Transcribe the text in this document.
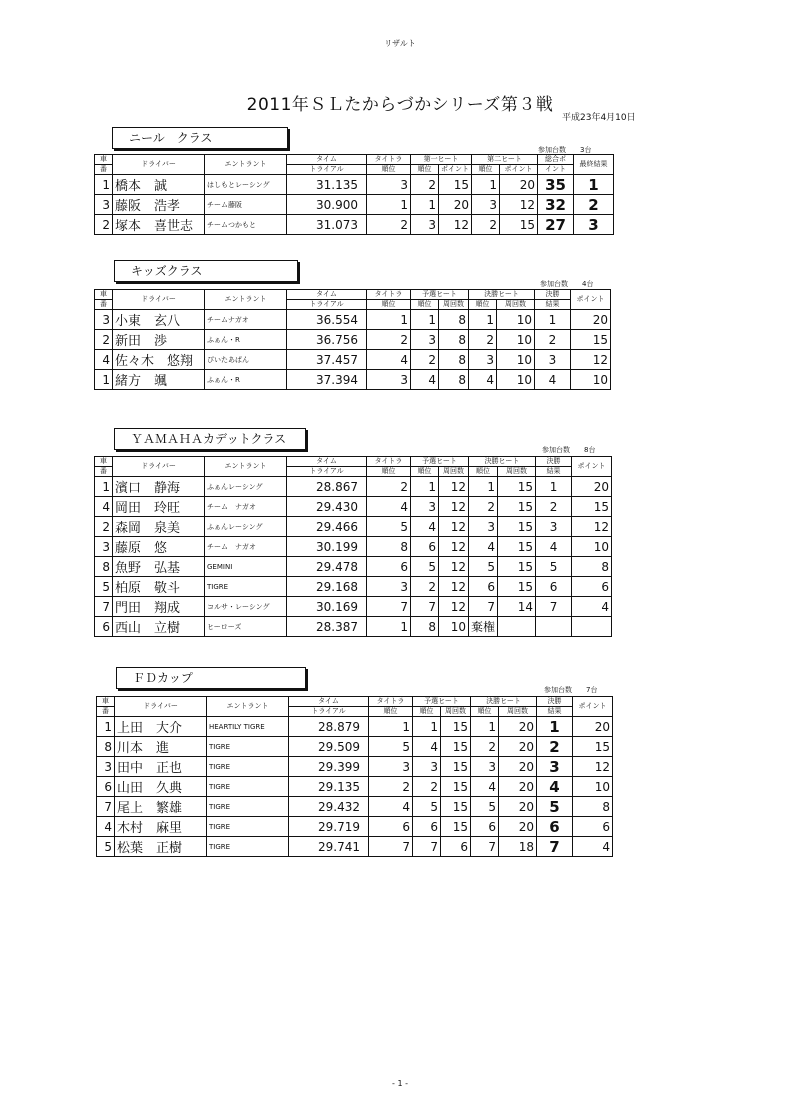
リザルト
2011年ＳＬたからづかシリーズ第３戦
平成23年4月10日
ニール　クラス
参加台数　　3台
車	ドライバー	エントラント	タイム	タイトラ	第一ヒート		第二ヒート		総合ポ	最終結果
番			トライアル	順位	順位	ポイント	順位	ポイント	イント	
1	橋本　誠	はしもとレーシング	31.135	3	2	15	1	20	35	1
3	藤阪　浩孝	チーム藤阪	30.900	1	1	20	3	12	32	2
2	塚本　喜世志	チームつかもと	31.073	2	3	12	2	15	27	3
キッズクラス
参加台数　　4台
車	ドライバー	エントラント	タイム	タイトラ	予選ヒート		決勝ヒート		決勝	ポイント
番			トライアル	順位	順位	周回数	順位	周回数	結果	
3	小東　玄八	チームナガオ	36.554	1	1	8	1	10	1	20
2	新田　渉	ふぁん・R	36.756	2	3	8	2	10	2	15
4	佐々木　悠翔	ぴいたあぱん	37.457	4	2	8	3	10	3	12
1	緒方　颯	ふぁん・R	37.394	3	4	8	4	10	4	10
ＹＡＭＡＨＡカデットクラス
参加台数　　8台
車	ドライバー	エントラント	タイム	タイトラ	予選ヒート		決勝ヒート		決勝	ポイント
番			トライアル	順位	順位	周回数	順位	周回数	結果	
1	濱口　静海	ふぁんレーシング	28.867	2	1	12	1	15	1	20
4	岡田　玲旺	チーム　ナガオ	29.430	4	3	12	2	15	2	15
2	森岡　泉美	ふぁんレーシング	29.466	5	4	12	3	15	3	12
3	藤原　悠	チーム　ナガオ	30.199	8	6	12	4	15	4	10
8	魚野　弘基	GEMINI	29.478	6	5	12	5	15	5	8
5	柏原　敬斗	TIGRE	29.168	3	2	12	6	15	6	6
7	門田　翔成	コルサ・レーシング	30.169	7	7	12	7	14	7	4
6	西山　立樹	ヒーローズ	28.387	1	8	10	棄権			
ＦＤカップ
参加台数　　7台
車	ドライバー	エントラント	タイム	タイトラ	予選ヒート		決勝ヒート		決勝	ポイント
番			トライアル	順位	順位	周回数	順位	周回数	結果	
1	上田　大介	HEARTILY TIGRE	28.879	1	1	15	1	20	1	20
8	川本　進	TIGRE	29.509	5	4	15	2	20	2	15
3	田中　正也	TIGRE	29.399	3	3	15	3	20	3	12
6	山田　久典	TIGRE	29.135	2	2	15	4	20	4	10
7	尾上　繁雄	TIGRE	29.432	4	5	15	5	20	5	8
4	木村　麻里	TIGRE	29.719	6	6	15	6	20	6	6
5	松葉　正樹	TIGRE	29.741	7	7	6	7	18	7	4
- 1 -
